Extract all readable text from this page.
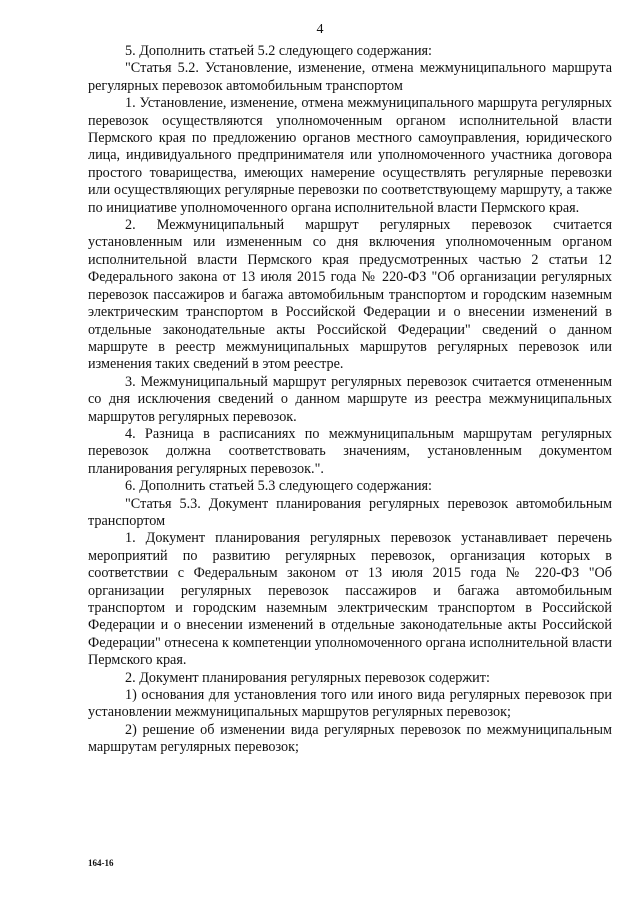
4

5. Дополнить статьей 5.2 следующего содержания:

"Статья 5.2. Установление, изменение, отмена межмуниципального маршрута регулярных перевозок автомобильным транспортом

1. Установление, изменение, отмена межмуниципального маршрута регулярных перевозок осуществляются уполномоченным органом исполнительной власти Пермского края по предложению органов местного самоуправления, юридического лица, индивидуального предпринимателя или уполномоченного участника договора простого товарищества, имеющих намерение осуществлять регулярные перевозки или осуществляющих регулярные перевозки по соответствующему маршруту, а также по инициативе уполномоченного органа исполнительной власти Пермского края.

2. Межмуниципальный маршрут регулярных перевозок считается установленным или измененным со дня включения уполномоченным органом исполнительной власти Пермского края предусмотренных частью 2 статьи 12 Федерального закона от 13 июля 2015 года № 220-ФЗ "Об организации регулярных перевозок пассажиров и багажа автомобильным транспортом и городским наземным электрическим транспортом в Российской Федерации и о внесении изменений в отдельные законодательные акты Российской Федерации" сведений о данном маршруте в реестр межмуниципальных маршрутов регулярных перевозок или изменения таких сведений в этом реестре.

3. Межмуниципальный маршрут регулярных перевозок считается отмененным со дня исключения сведений о данном маршруте из реестра межмуниципальных маршрутов регулярных перевозок.

4. Разница в расписаниях по межмуниципальным маршрутам регулярных перевозок должна соответствовать значениям, установленным документом планирования регулярных перевозок.".

6. Дополнить статьей 5.3 следующего содержания:

"Статья 5.3. Документ планирования регулярных перевозок автомобильным транспортом

1. Документ планирования регулярных перевозок устанавливает перечень мероприятий по развитию регулярных перевозок, организация которых в соответствии с Федеральным законом от 13 июля 2015 года № 220-ФЗ "Об организации регулярных перевозок пассажиров и багажа автомобильным транспортом и городским наземным электрическим транспортом в Российской Федерации и о внесении изменений в отдельные законодательные акты Российской Федерации" отнесена к компетенции уполномоченного органа исполнительной власти Пермского края.

2. Документ планирования регулярных перевозок содержит:

1) основания для установления того или иного вида регулярных перевозок при установлении межмуниципальных маршрутов регулярных перевозок;

2) решение об изменении вида регулярных перевозок по межмуниципальным маршрутам регулярных перевозок;

164-16
